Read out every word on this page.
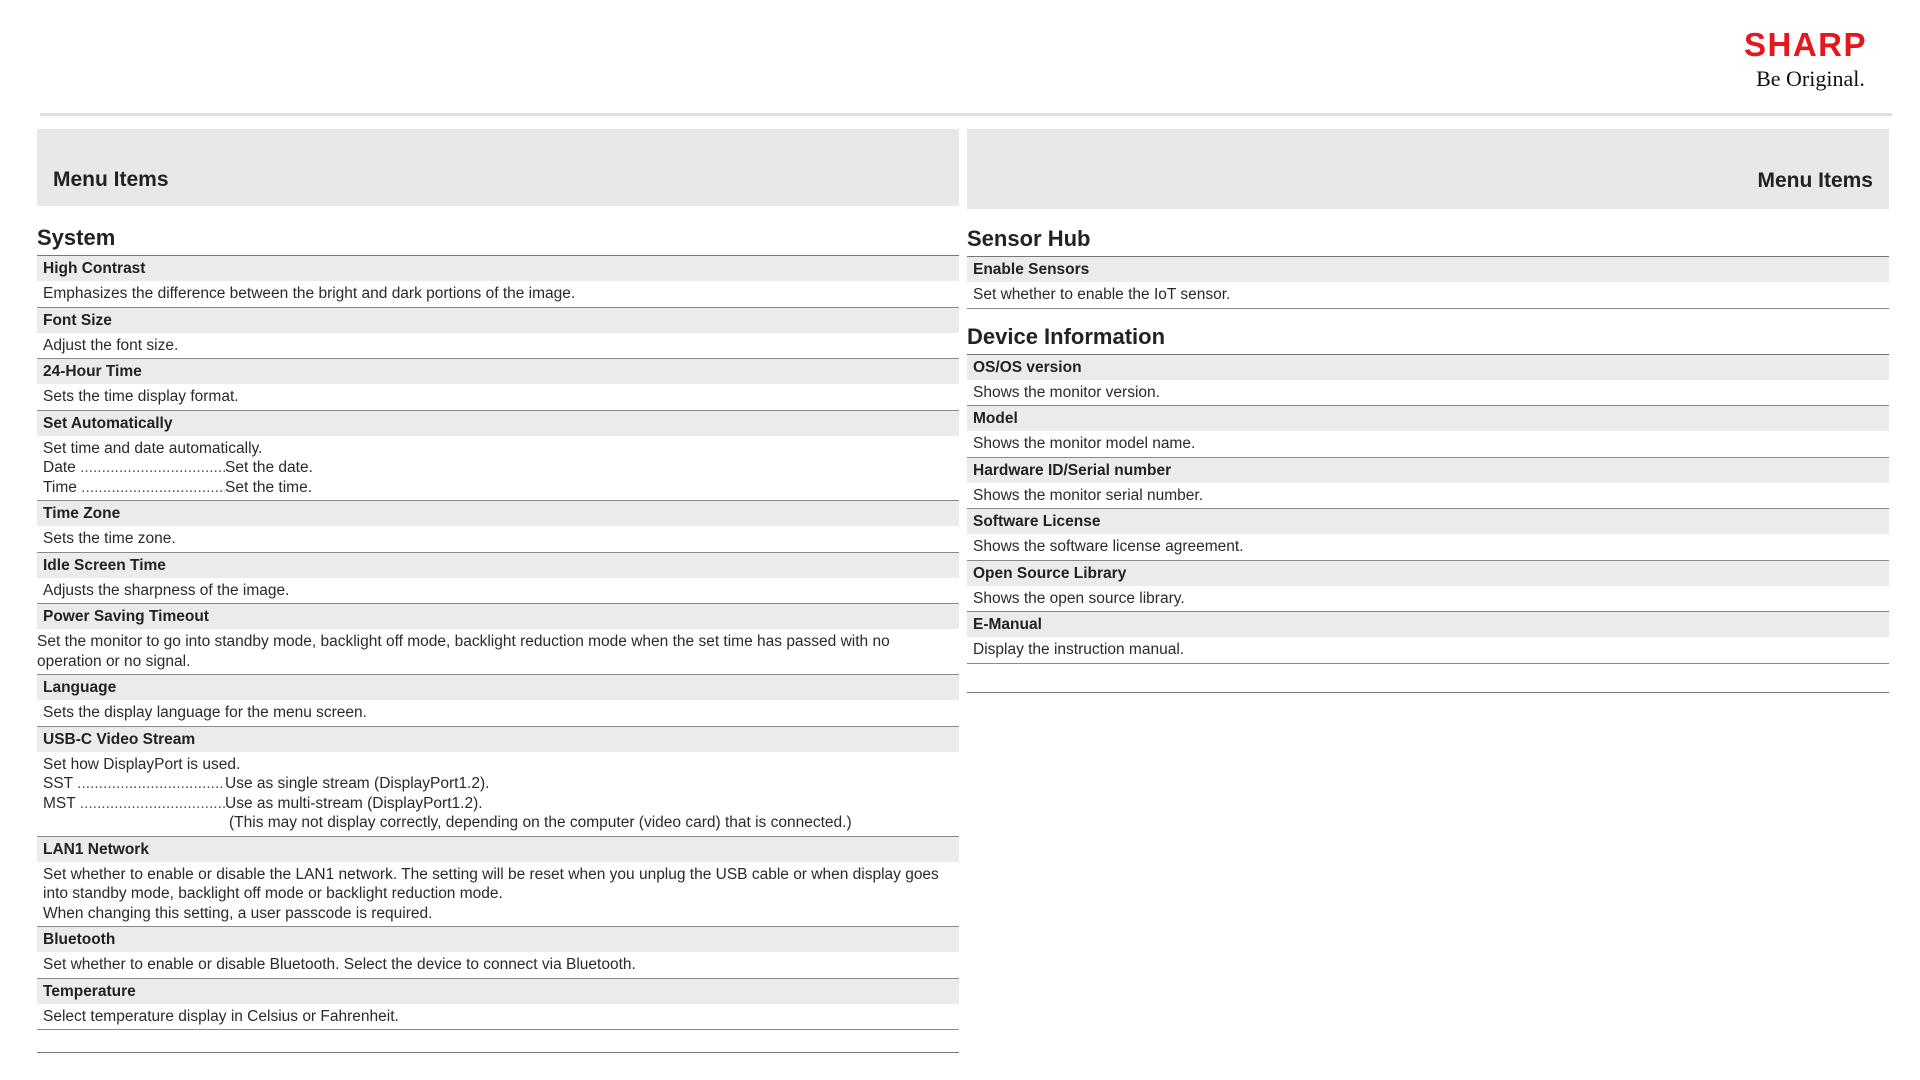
SHARP
Be Original.
Menu Items
System
High Contrast
Emphasizes the difference between the bright and dark portions of the image.
Font Size
Adjust the font size.
24-Hour Time
Sets the time display format.
Set Automatically
Set time and date automatically.
Date .....	Set the date.
Time .....	Set the time.
Time Zone
Sets the time zone.
Idle Screen Time
Adjusts the sharpness of the image.
Power Saving Timeout
Set the monitor to go into standby mode, backlight off mode, backlight reduction mode when the set time has passed with no operation or no signal.
Language
Sets the display language for the menu screen.
USB-C Video Stream
Set how DisplayPort is used.
SST .....	Use as single stream (DisplayPort1.2).
MST .....	Use as multi-stream (DisplayPort1.2).
(This may not display correctly, depending on the computer (video card) that is connected.)
LAN1 Network
Set whether to enable or disable the LAN1 network. The setting will be reset when you unplug the USB cable or when display goes into standby mode, backlight off mode or backlight reduction mode.
When changing this setting, a user passcode is required.
Bluetooth
Set whether to enable or disable Bluetooth. Select the device to connect via Bluetooth.
Temperature
Select temperature display in Celsius or Fahrenheit.
Menu Items
Sensor Hub
Enable Sensors
Set whether to enable the IoT sensor.
Device Information
OS/OS version
Shows the monitor version.
Model
Shows the monitor model name.
Hardware ID/Serial number
Shows the monitor serial number.
Software License
Shows the software license agreement.
Open Source Library
Shows the open source library.
E-Manual
Display the instruction manual.
